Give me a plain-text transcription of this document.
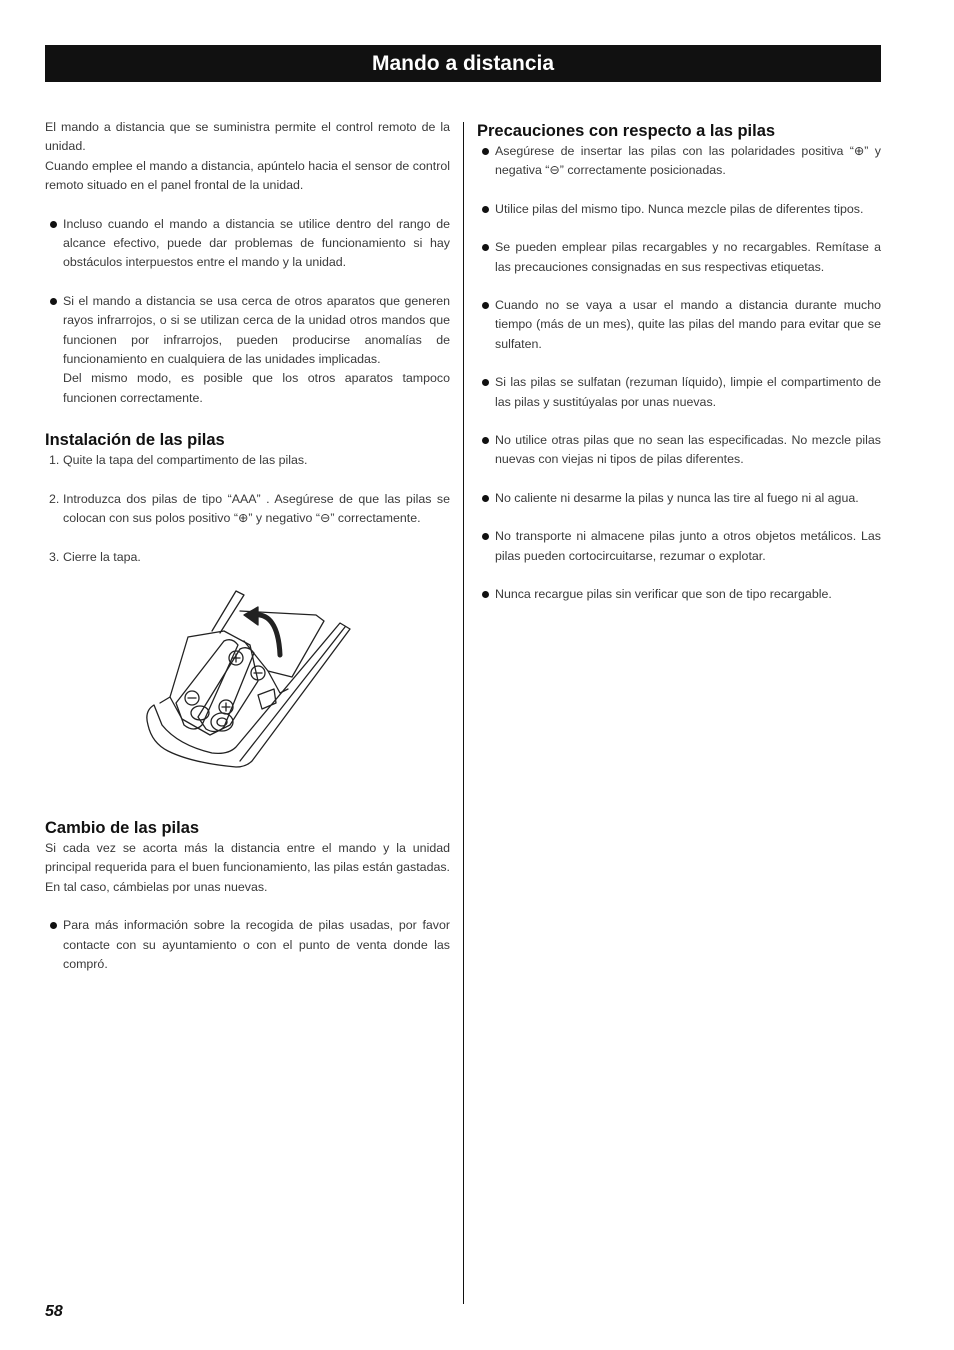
Mando a distancia

El mando a distancia que se suministra permite el control remoto de la unidad.

Cuando emplee el mando a distancia, apúntelo hacia el sensor de control remoto situado en el panel frontal de la unidad.

Incluso cuando el mando a distancia se utilice dentro del rango de alcance efectivo, puede dar problemas de funcionamiento si hay obstáculos interpuestos entre el mando y la unidad.
Si el mando a distancia se usa cerca de otros aparatos que generen rayos infrarrojos, o si se utilizan cerca de la unidad otros mandos que funcionen por infrarrojos, pueden producirse anomalías de funcionamiento en cualquiera de las unidades implicadas.
Del mismo modo, es posible que los otros aparatos tampoco funcionen correctamente.
Instalación de las pilas
1. Quite la tapa del compartimento de las pilas.
2. Introduzca dos pilas de tipo “AAA” . Asegúrese de que las pilas se colocan con sus polos positivo “⊕” y negativo “⊖” correctamente.
3. Cierre la tapa.
Cambio de las pilas

Si cada vez se acorta más la distancia entre el mando y la unidad principal requerida para el buen funcionamiento, las pilas están gastadas. En tal caso, cámbielas por unas nuevas.

Para más información sobre la recogida de pilas usadas, por favor contacte con su ayuntamiento o con el punto de venta donde las compró.
Precauciones con respecto a las pilas
Asegúrese de insertar las pilas con las polaridades positiva “⊕” y negativa “⊖” correctamente posicionadas.
Utilice pilas del mismo tipo. Nunca mezcle pilas de diferentes tipos.
Se pueden emplear pilas recargables y no recargables. Remítase a las precauciones consignadas en sus respectivas etiquetas.
Cuando no se vaya a usar el mando a distancia durante mucho tiempo (más de un mes), quite las pilas del mando para evitar que se sulfaten.
Si las pilas se sulfatan (rezuman líquido), limpie el compartimento de las pilas y sustitúyalas por unas nuevas.
No utilice otras pilas que no sean las especificadas. No mezcle pilas nuevas con viejas ni tipos de pilas diferentes.
No caliente ni desarme la pilas y nunca las tire al fuego ni al agua.
No transporte ni almacene pilas junto a otros objetos metálicos. Las pilas pueden cortocircuitarse, rezumar o explotar.
Nunca recargue pilas sin verificar que son de tipo recargable.
58
